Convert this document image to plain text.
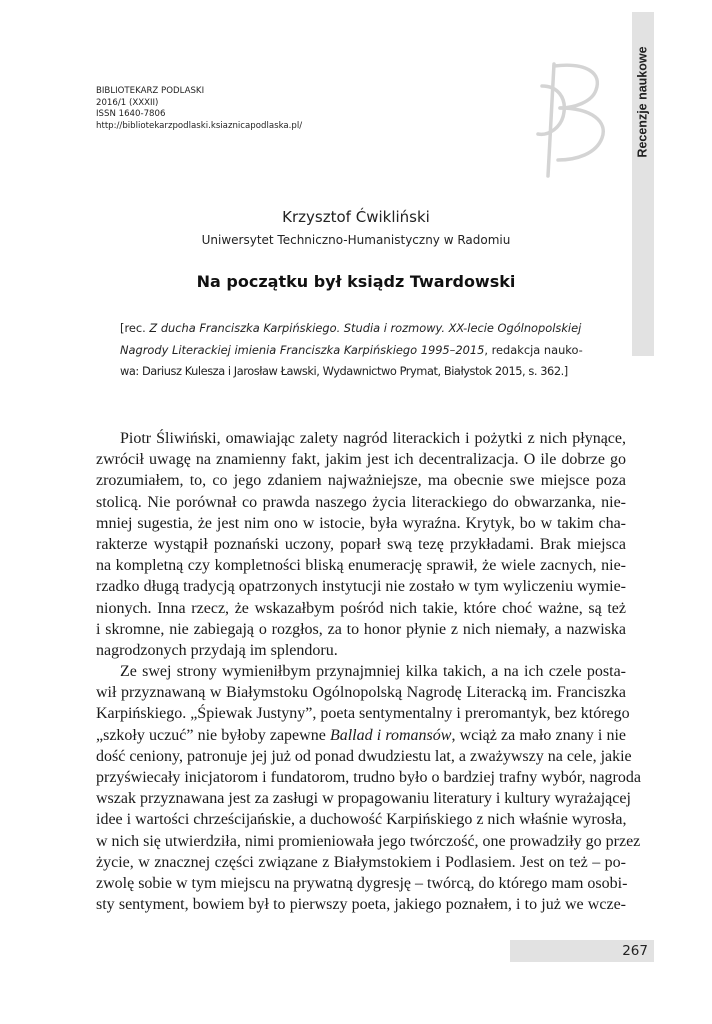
Recenzje naukowe
BIBLIOTEKARZ PODLASKI
2016/1 (XXXII)
ISSN 1640-7806
http://bibliotekarzpodlaski.ksiaznicapodlaska.pl/
Krzysztof Ćwikliński
Uniwersytet Techniczno-Humanistyczny w Radomiu
Na początku był ksiądz Twardowski
[rec. Z ducha Franciszka Karpińskiego. Studia i rozmowy. XX-lecie Ogólnopolskiej
Nagrody Literackiej imienia Franciszka Karpińskiego 1995–2015, redakcja nauko-
wa: Dariusz Kulesza i Jarosław Ławski, Wydawnictwo Prymat, Białystok 2015, s. 362.]
Piotr Śliwiński, omawiając zalety nagród literackich i pożytki z nich płynące,
zwrócił uwagę na znamienny fakt, jakim jest ich decentralizacja. O ile dobrze go
zrozumiałem, to, co jego zdaniem najważniejsze, ma obecnie swe miejsce poza
stolicą. Nie porównał co prawda naszego życia literackiego do obwarzanka, nie-
mniej sugestia, że jest nim ono w istocie, była wyraźna. Krytyk, bo w takim cha-
rakterze wystąpił poznański uczony, poparł swą tezę przykładami. Brak miejsca
na kompletną czy kompletności bliską enumerację sprawił, że wiele zacnych, nie-
rzadko długą tradycją opatrzonych instytucji nie zostało w tym wyliczeniu wymie-
nionych. Inna rzecz, że wskazałbym pośród nich takie, które choć ważne, są też
i skromne, nie zabiegają o rozgłos, za to honor płynie z nich niemały, a nazwiska
nagrodzonych przydają im splendoru.
Ze swej strony wymieniłbym przynajmniej kilka takich, a na ich czele posta-
wił przyznawaną w Białymstoku Ogólnopolską Nagrodę Literacką im. Franciszka
Karpińskiego. „Śpiewak Justyny”, poeta sentymentalny i preromantyk, bez którego
„szkoły uczuć” nie byłoby zapewne Ballad i romansów, wciąż za mało znany i nie
dość ceniony, patronuje jej już od ponad dwudziestu lat, a zważywszy na cele, jakie
przyświecały inicjatorom i fundatorom, trudno było o bardziej trafny wybór, nagroda
wszak przyznawana jest za zasługi w propagowaniu literatury i kultury wyrażającej
idee i wartości chrześcijańskie, a duchowość Karpińskiego z nich właśnie wyrosła,
w nich się utwierdziła, nimi promieniowała jego twórczość, one prowadziły go przez
życie, w znacznej części związane z Białymstokiem i Podlasiem. Jest on też – po-
zwolę sobie w tym miejscu na prywatną dygresję – twórcą, do którego mam osobi-
sty sentyment, bowiem był to pierwszy poeta, jakiego poznałem, i to już we wcze-
267
